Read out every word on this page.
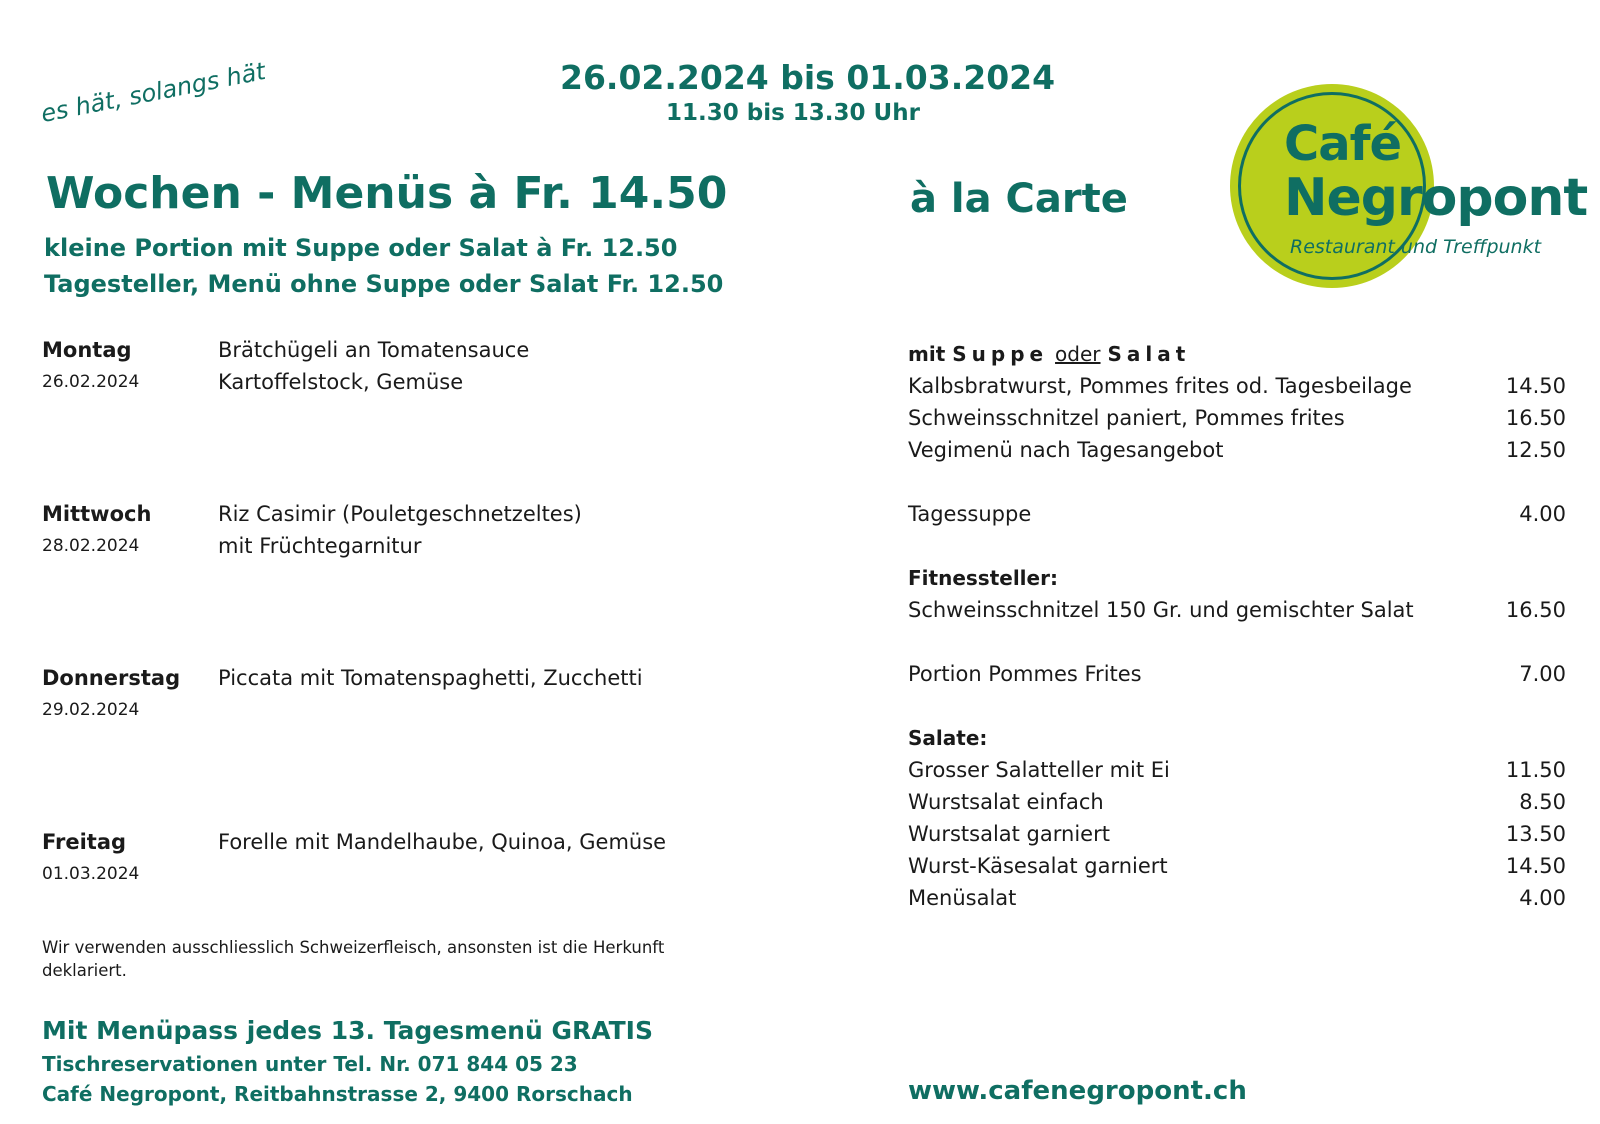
es hät, solangs hät	26.02.2024 bis 01.03.2024
11.30 bis 13.30 Uhr
Wochen - Menüs à Fr. 14.50
kleine Portion mit Suppe oder Salat à Fr. 12.50
Tagesteller, Menü ohne Suppe oder Salat Fr. 12.50
à la Carte
Café
Negropont
Restaurant und Treffpunkt
Montag
26.02.2024
Brätchügeli an Tomatensauce
Kartoffelstock, Gemüse
Mittwoch
28.02.2024
Riz Casimir (Pouletgeschnetzeltes)
mit Früchtegarnitur
Donnerstag
29.02.2024
Piccata mit Tomatenspaghetti, Zucchetti
Freitag
01.03.2024
Forelle mit Mandelhaube, Quinoa, Gemüse
Wir verwenden ausschliesslich Schweizerfleisch, ansonsten ist die Herkunft deklariert.
Mit Menüpass jedes 13. Tagesmenü GRATIS
Tischreservationen unter Tel. Nr. 071 844 05 23
Café Negropont, Reitbahnstrasse 2, 9400 Rorschach
mit Suppe oder Salat
Kalbsbratwurst, Pommes frites od. Tagesbeilage	14.50
Schweinsschnitzel paniert, Pommes frites	16.50
Vegimenü nach Tagesangebot	12.50
Tagessuppe	4.00
Fitnessteller:
Schweinsschnitzel 150 Gr. und gemischter Salat	16.50
Portion Pommes Frites	7.00
Salate:
Grosser Salatteller mit Ei	11.50
Wurstsalat einfach	8.50
Wurstsalat garniert	13.50
Wurst-Käsesalat garniert	14.50
Menüsalat	4.00
www.cafenegropont.ch
